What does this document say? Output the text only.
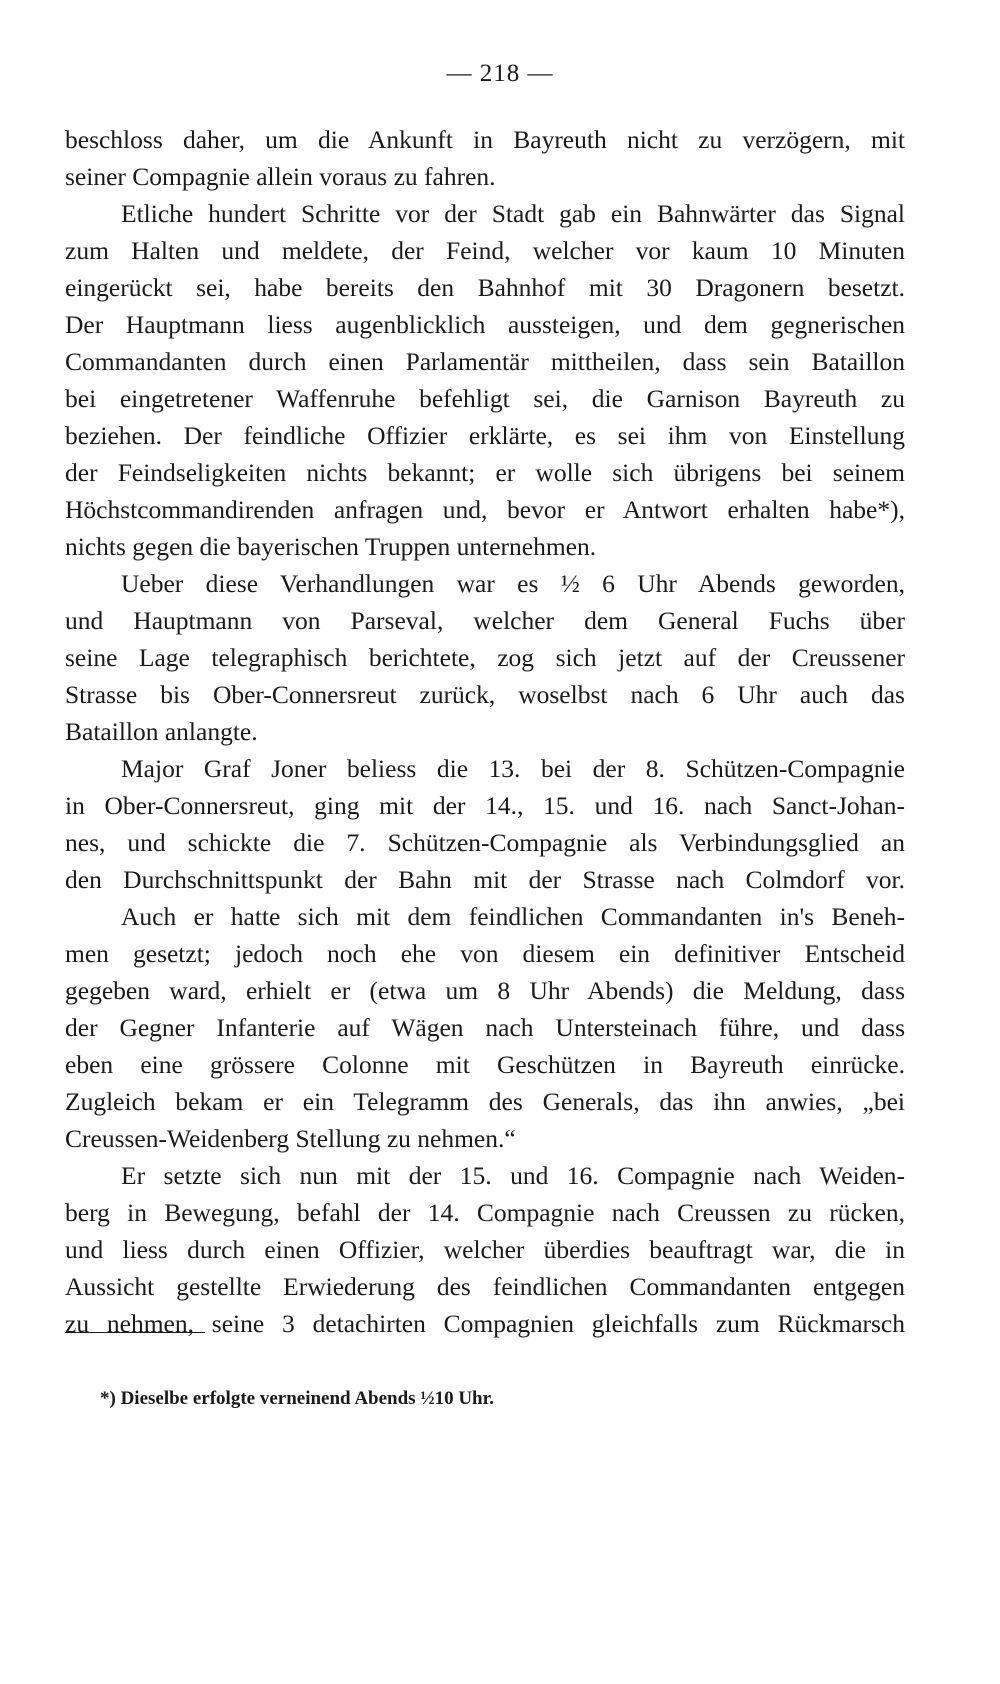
— 218 —
beschloss daher, um die Ankunft in Bayreuth nicht zu verzögern, mit
seiner Compagnie allein voraus zu fahren.
Etliche hundert Schritte vor der Stadt gab ein Bahnwärter das Signal
zum Halten und meldete, der Feind, welcher vor kaum 10 Minuten
eingerückt sei, habe bereits den Bahnhof mit 30 Dragonern besetzt.
Der Hauptmann liess augenblicklich aussteigen, und dem gegnerischen
Commandanten durch einen Parlamentär mittheilen, dass sein Bataillon
bei eingetretener Waffenruhe befehligt sei, die Garnison Bayreuth zu
beziehen. Der feindliche Offizier erklärte, es sei ihm von Einstellung
der Feindseligkeiten nichts bekannt; er wolle sich übrigens bei seinem
Höchstcommandirenden anfragen und, bevor er Antwort erhalten habe*),
nichts gegen die bayerischen Truppen unternehmen.
Ueber diese Verhandlungen war es ½ 6 Uhr Abends geworden,
und Hauptmann von Parseval, welcher dem General Fuchs über
seine Lage telegraphisch berichtete, zog sich jetzt auf der Creussener
Strasse bis Ober-Connersreut zurück, woselbst nach 6 Uhr auch das
Bataillon anlangte.
Major Graf Joner beliess die 13. bei der 8. Schützen-Compagnie
in Ober-Connersreut, ging mit der 14., 15. und 16. nach Sanct-Johan-
nes, und schickte die 7. Schützen-Compagnie als Verbindungsglied an
den Durchschnittspunkt der Bahn mit der Strasse nach Colmdorf vor.
Auch er hatte sich mit dem feindlichen Commandanten in's Beneh-
men gesetzt; jedoch noch ehe von diesem ein definitiver Entscheid
gegeben ward, erhielt er (etwa um 8 Uhr Abends) die Meldung, dass
der Gegner Infanterie auf Wägen nach Untersteinach führe, und dass
eben eine grössere Colonne mit Geschützen in Bayreuth einrücke.
Zugleich bekam er ein Telegramm des Generals, das ihn anwies, „bei
Creussen-Weidenberg Stellung zu nehmen.“
Er setzte sich nun mit der 15. und 16. Compagnie nach Weiden-
berg in Bewegung, befahl der 14. Compagnie nach Creussen zu rücken,
und liess durch einen Offizier, welcher überdies beauftragt war, die in
Aussicht gestellte Erwiederung des feindlichen Commandanten entgegen
zu nehmen, seine 3 detachirten Compagnien gleichfalls zum Rückmarsch
*) Dieselbe erfolgte verneinend Abends ½10 Uhr.
